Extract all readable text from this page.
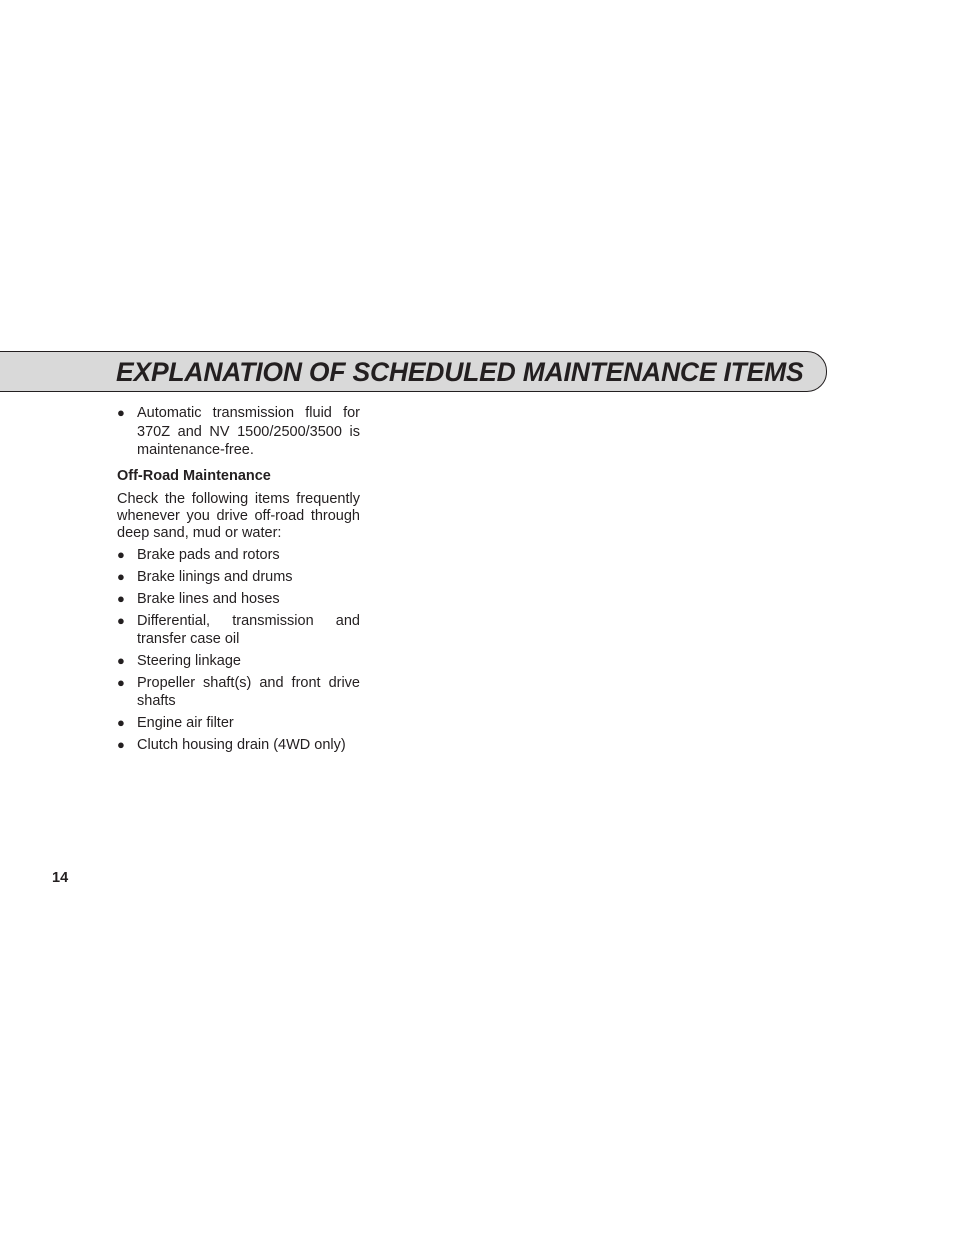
EXPLANATION OF SCHEDULED MAINTENANCE ITEMS
● Automatic transmission fluid for 370Z and NV 1500/2500/3500 is maintenance-free.
Off-Road Maintenance

Check the following items frequently whenever you drive off-road through deep sand, mud or water:

● Brake pads and rotors
● Brake linings and drums
● Brake lines and hoses
● Differential, transmission and transfer case oil
● Steering linkage
● Propeller shaft(s) and front drive shafts
● Engine air filter
● Clutch housing drain (4WD only)
14
